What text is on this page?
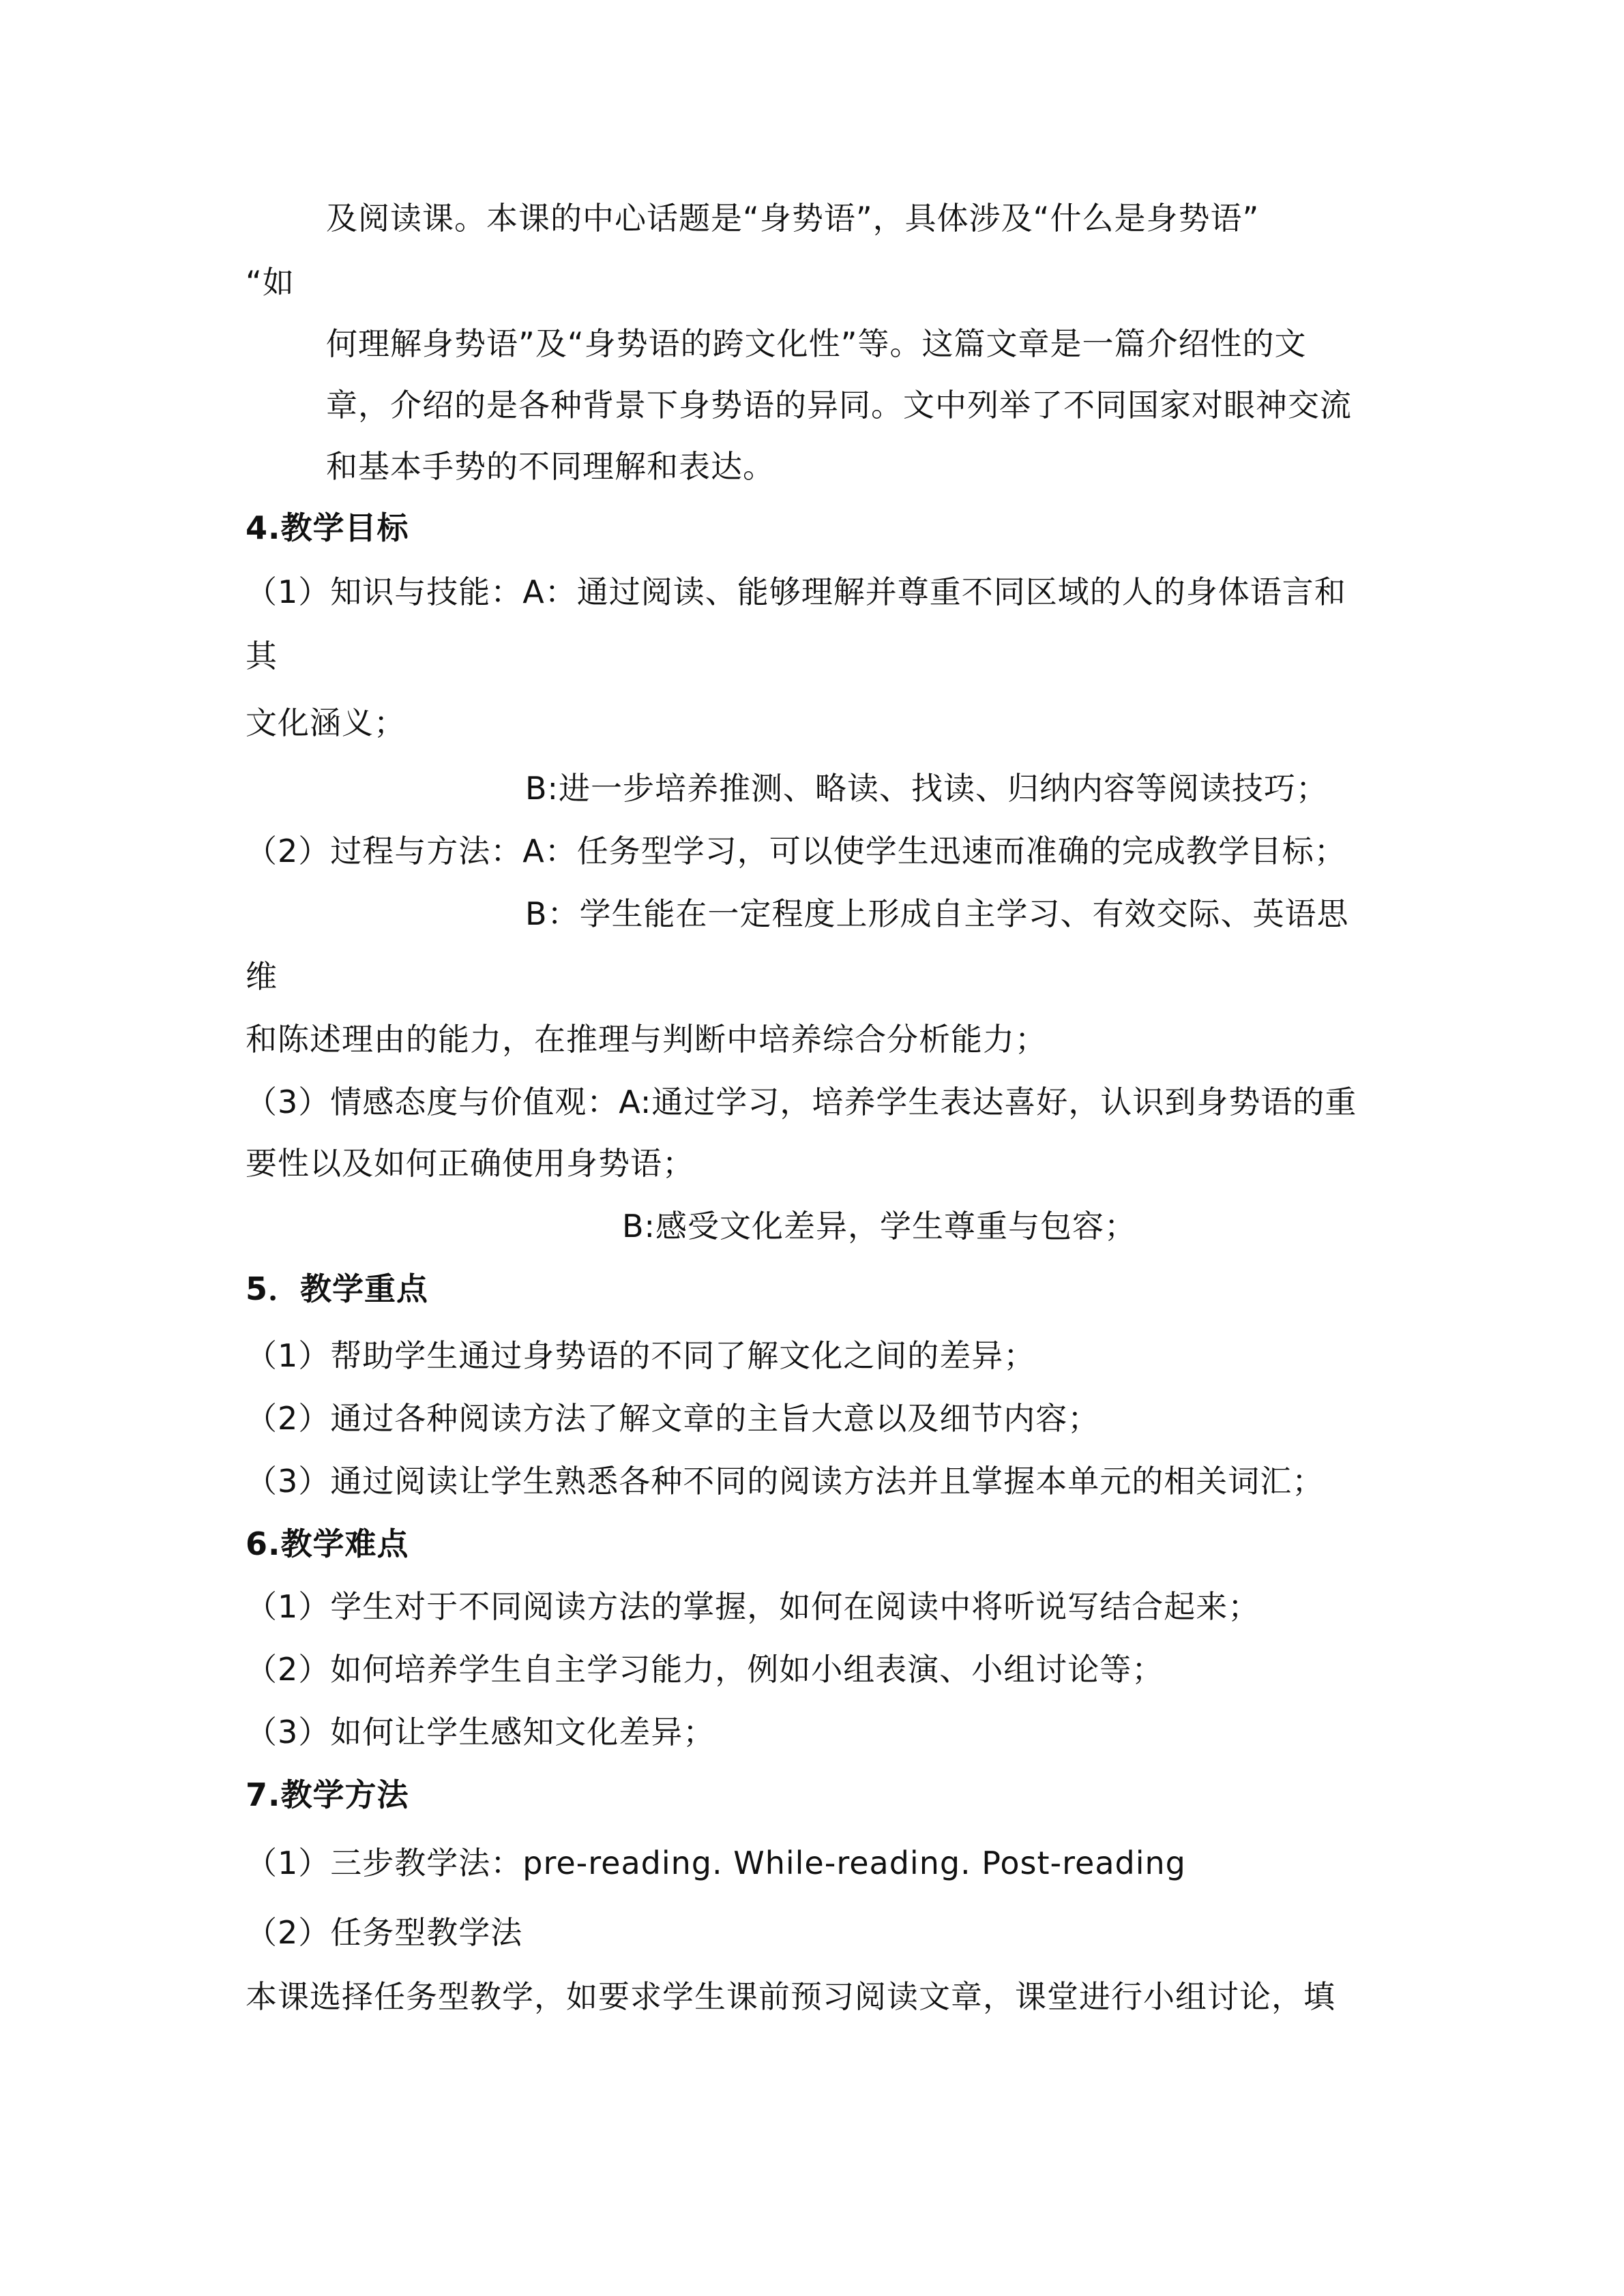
及阅读课。本课的中心话题是“身势语”，具体涉及“什么是身势语”
“如
何理解身势语”及“身势语的跨文化性”等。这篇文章是一篇介绍性的文
章，介绍的是各种背景下身势语的异同。文中列举了不同国家对眼神交流
和基本手势的不同理解和表达。
4.教学目标
（1）知识与技能：A：通过阅读、能够理解并尊重不同区域的人的身体语言和
其
文化涵义；
B:进一步培养推测、略读、找读、归纳内容等阅读技巧；
（2）过程与方法：A：任务型学习，可以使学生迅速而准确的完成教学目标；
B：学生能在一定程度上形成自主学习、有效交际、英语思
维
和陈述理由的能力，在推理与判断中培养综合分析能力；
（3）情感态度与价值观：A:通过学习，培养学生表达喜好，认识到身势语的重
要性以及如何正确使用身势语；
B:感受文化差异，学生尊重与包容；
5．教学重点
（1）帮助学生通过身势语的不同了解文化之间的差异；
（2）通过各种阅读方法了解文章的主旨大意以及细节内容；
（3）通过阅读让学生熟悉各种不同的阅读方法并且掌握本单元的相关词汇；
6.教学难点
（1）学生对于不同阅读方法的掌握，如何在阅读中将听说写结合起来；
（2）如何培养学生自主学习能力，例如小组表演、小组讨论等；
（3）如何让学生感知文化差异；
7.教学方法
（1）三步教学法：pre-reading. While-reading. Post-reading
（2）任务型教学法
本课选择任务型教学，如要求学生课前预习阅读文章，课堂进行小组讨论，填
